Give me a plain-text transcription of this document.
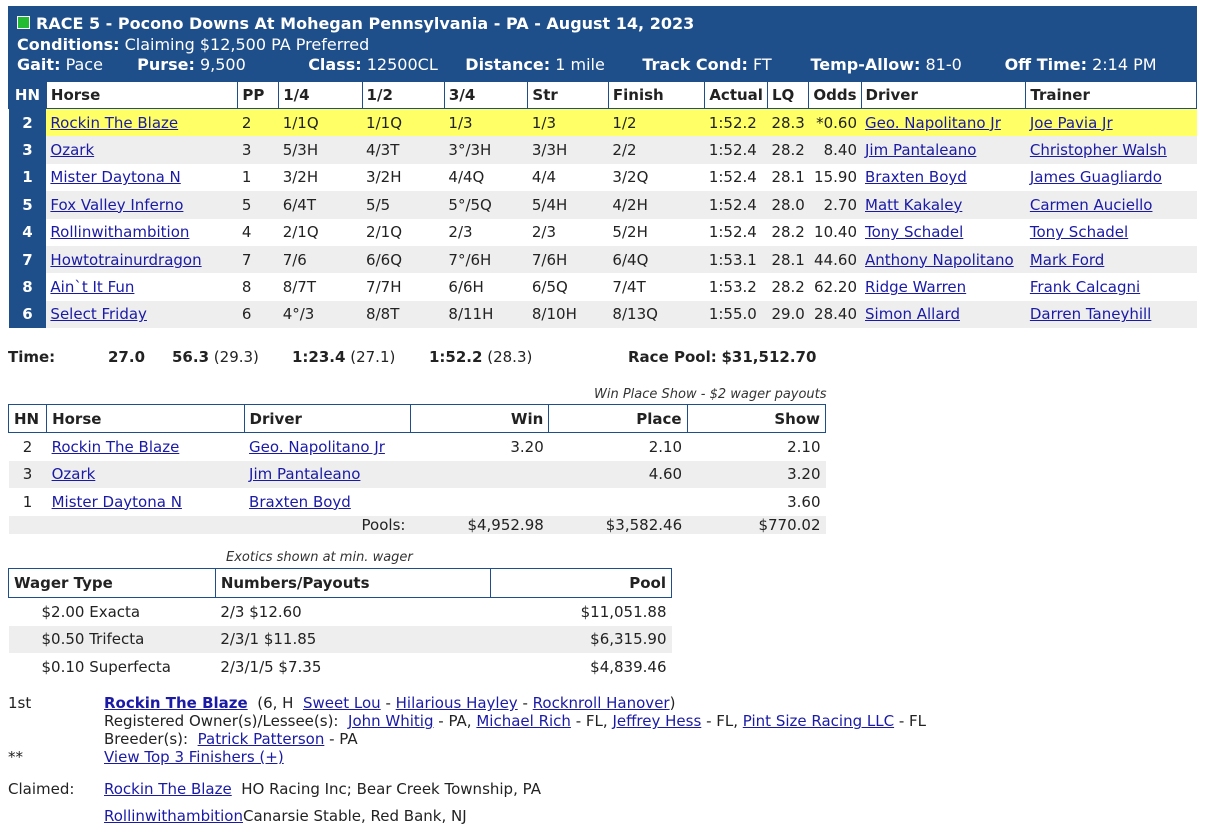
RACE 5 - Pocono Downs At Mohegan Pennsylvania - PA - August 14, 2023
Conditions: Claiming $12,500 PA Preferred
Gait: Pace Purse: 9,500	Class: 12500CL Distance: 1 mile Track Cond: FT Temp-Allow: 81-0	Off Time: 2:14 PM
HN	Horse	PP	1/4	1/2	3/4	Str	Finish	Actual	LQ	Odds	Driver	Trainer
2	Rockin The Blaze	2	1/1Q	1/1Q	1/3	1/3	1/2	1:52.2	28.3	*0.60	Geo. Napolitano Jr	Joe Pavia Jr
3	Ozark	3	5/3H	4/3T	3°/3H	3/3H	2/2	1:52.4	28.2	8.40	Jim Pantaleano	Christopher Walsh
1	Mister Daytona N	1	3/2H	3/2H	4/4Q	4/4	3/2Q	1:52.4	28.1	15.90	Braxten Boyd	James Guagliardo
5	Fox Valley Inferno	5	6/4T	5/5	5°/5Q	5/4H	4/2H	1:52.4	28.0	2.70	Matt Kakaley	Carmen Auciello
4	Rollinwithambition	4	2/1Q	2/1Q	2/3	2/3	5/2H	1:52.4	28.2	10.40	Tony Schadel	Tony Schadel
7	Howtotrainurdragon	7	7/6	6/6Q	7°/6H	7/6H	6/4Q	1:53.1	28.1	44.60	Anthony Napolitano	Mark Ford
8	Ain`t It Fun	8	8/7T	7/7H	6/6H	6/5Q	7/4T	1:53.2	28.2	62.20	Ridge Warren	Frank Calcagni
6	Select Friday	6	4°/3	8/8T	8/11H	8/10H	8/13Q	1:55.0	29.0	28.40	Simon Allard	Darren Taneyhill
Time:	27.0 56.3 (29.3) 1:23.4 (27.1) 1:52.2 (28.3)	Race Pool: $31,512.70
Win Place Show - $2 wager payouts
HN	Horse	Driver	Win	Place	Show
2	Rockin The Blaze	Geo. Napolitano Jr	3.20	2.10	2.10
3	Ozark	Jim Pantaleano		4.60	3.20
1	Mister Daytona N	Braxten Boyd			3.60
		Pools:	$4,952.98	$3,582.46	$770.02
Exotics shown at min. wager
Wager Type	Numbers/Payouts	Pool
$2.00 Exacta	2/3 $12.60	$11,051.88
$0.50 Trifecta	2/3/1 $11.85	$6,315.90
$0.10 Superfecta	2/3/1/5 $7.35	$4,839.46
1st	Rockin The Blaze (6, H Sweet Lou - Hilarious Hayley - Rocknroll Hanover)
Registered Owner(s)/Lessee(s): John Whitig - PA, Michael Rich - FL, Jeffrey Hess - FL, Pint Size Racing LLC - FL
Breeder(s): Patrick Patterson - PA
**	View Top 3 Finishers (+)
Claimed: Rockin The Blaze HO Racing Inc; Bear Creek Township, PA
RollinwithambitionCanarsie Stable, Red Bank, NJ
